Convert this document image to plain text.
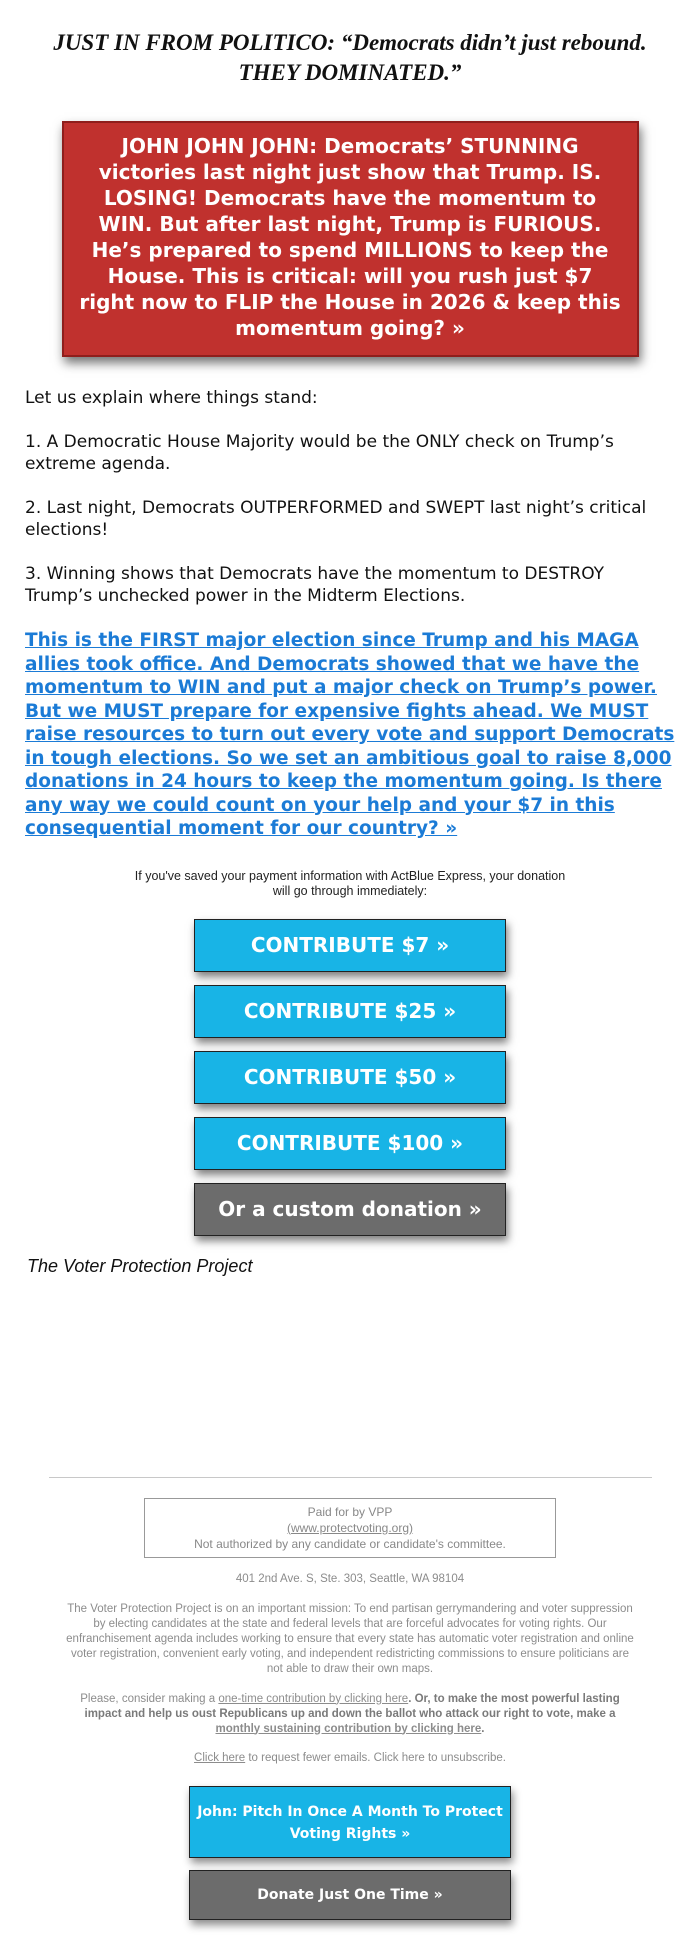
JUST IN FROM POLITICO: “Democrats didn’t just rebound.
THEY DOMINATED.”
JOHN JOHN JOHN: Democrats’ STUNNING victories last night just show that Trump. IS. LOSING! Democrats have the momentum to WIN. But after last night, Trump is FURIOUS. He’s prepared to spend MILLIONS to keep the House. This is critical: will you rush just $7 right now to FLIP the House in 2026 & keep this momentum going? »

Let us explain where things stand:

1. A Democratic House Majority would be the ONLY check on Trump’s extreme agenda.

2. Last night, Democrats OUTPERFORMED and SWEPT last night’s critical elections!

3. Winning shows that Democrats have the momentum to DESTROY Trump’s unchecked power in the Midterm Elections.

This is the FIRST major election since Trump and his MAGA allies took office. And Democrats showed that we have the momentum to WIN and put a major check on Trump’s power. But we MUST prepare for expensive fights ahead. We MUST raise resources to turn out every vote and support Democrats in tough elections. So we set an ambitious goal to raise 8,000 donations in 24 hours to keep the momentum going. Is there any way we could count on your help and your $7 in this consequential moment for our country? »
If you've saved your payment information with ActBlue Express, your donation
will go through immediately:
CONTRIBUTE $7 »
CONTRIBUTE $25 »
CONTRIBUTE $50 »
CONTRIBUTE $100 »
Or a custom donation »
The Voter Protection Project
Paid for by VPP
(www.protectvoting.org)
Not authorized by any candidate or candidate's committee.
401 2nd Ave. S, Ste. 303, Seattle, WA 98104
The Voter Protection Project is on an important mission: To end partisan gerrymandering and voter suppression by electing candidates at the state and federal levels that are forceful advocates for voting rights. Our enfranchisement agenda includes working to ensure that every state has automatic voter registration and online voter registration, convenient early voting, and independent redistricting commissions to ensure politicians are not able to draw their own maps.
Please, consider making a one-time contribution by clicking here. Or, to make the most powerful lasting impact and help us oust Republicans up and down the ballot who attack our right to vote, make a monthly sustaining contribution by clicking here.
Click here to request fewer emails. Click here to unsubscribe.
John: Pitch In Once A Month To Protect Voting Rights »
Donate Just One Time »
